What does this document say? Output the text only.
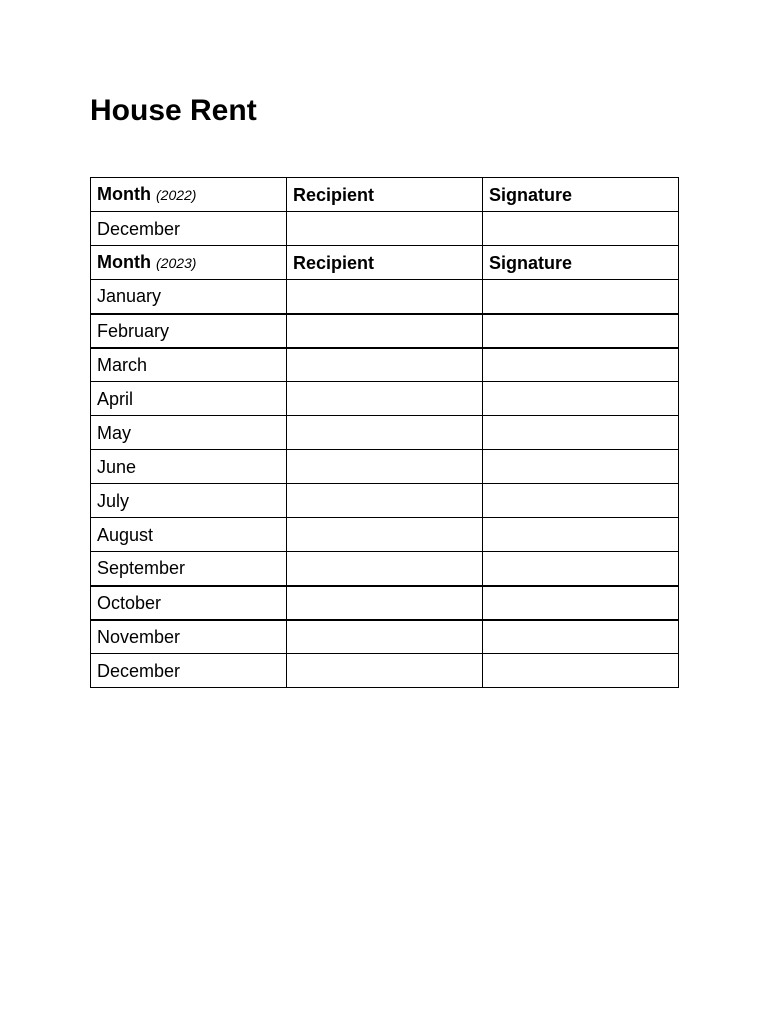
House Rent
Month (2022)	Recipient	Signature
December		
Month (2023)	Recipient	Signature
January		
February		
March		
April		
May		
June		
July		
August		
September		
October		
November		
December		
